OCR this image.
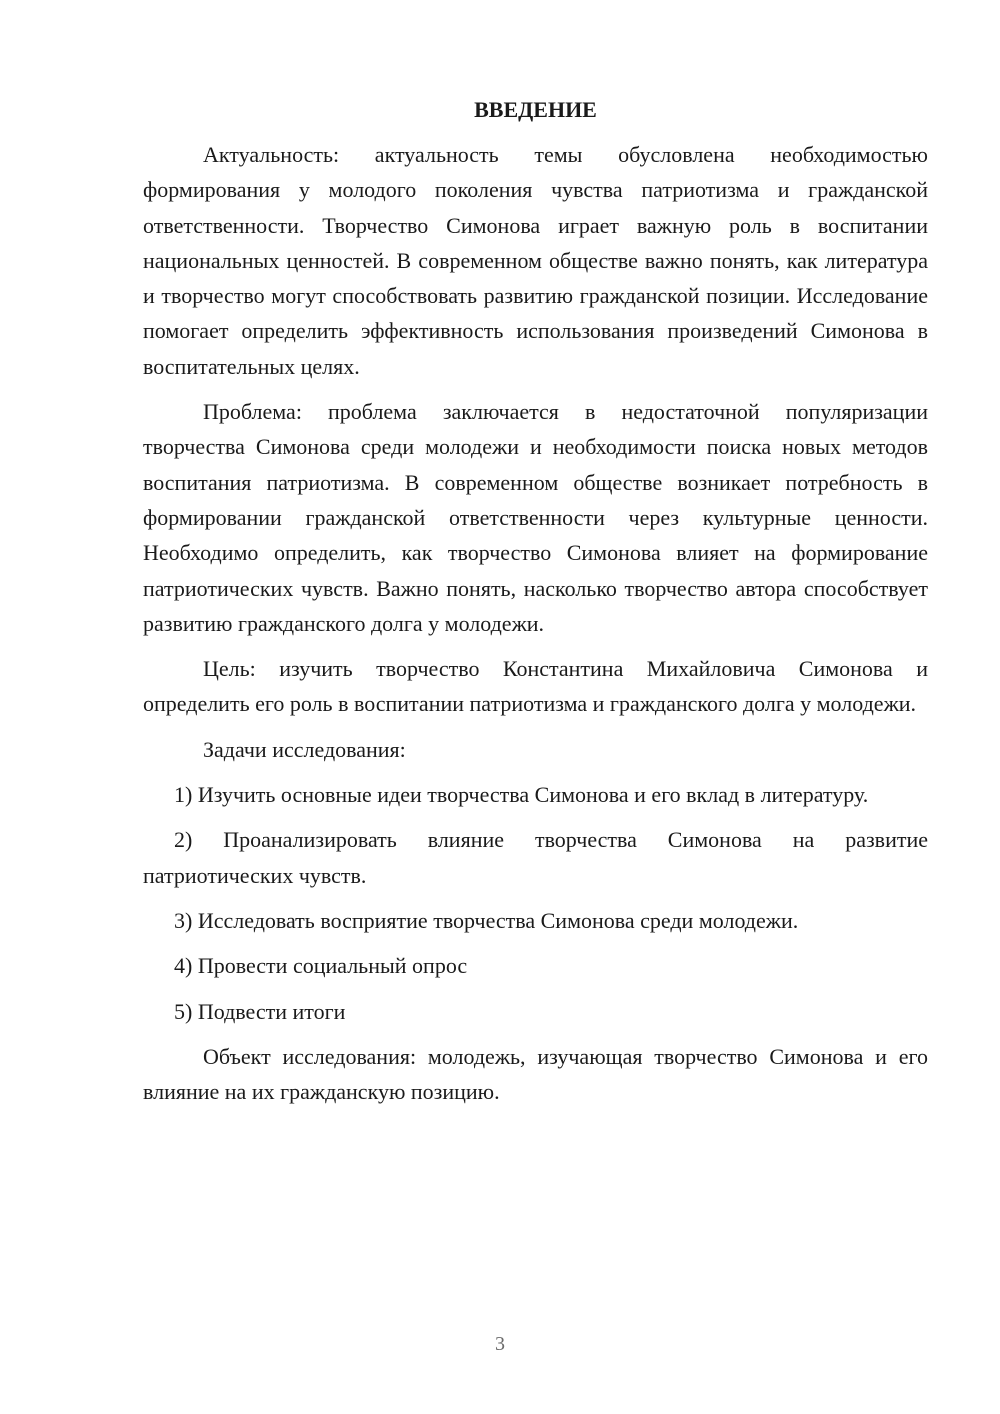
ВВЕДЕНИЕ

Актуальность: актуальность темы обусловлена необходимостью формирования у молодого поколения чувства патриотизма и гражданской ответственности. Творчество Симонова играет важную роль в воспитании национальных ценностей. В современном обществе важно понять, как литература и творчество могут способствовать развитию гражданской позиции. Исследование помогает определить эффективность использования произведений Симонова в воспитательных целях.

Проблема: проблема заключается в недостаточной популяризации творчества Симонова среди молодежи и необходимости поиска новых методов воспитания патриотизма. В современном обществе возникает потребность в формировании гражданской ответственности через культурные ценности. Необходимо определить, как творчество Симонова влияет на формирование патриотических чувств. Важно понять, насколько творчество автора способствует развитию гражданского долга у молодежи.

Цель: изучить творчество Константина Михайловича Симонова и определить его роль в воспитании патриотизма и гражданского долга у молодежи.

Задачи исследования:

1) Изучить основные идеи творчества Симонова и его вклад в литературу.

2) Проанализировать влияние творчества Симонова на развитие патриотических чувств.

3) Исследовать восприятие творчества Симонова среди молодежи.

4) Провести социальный опрос

5) Подвести итоги

Объект исследования: молодежь, изучающая творчество Симонова и его влияние на их гражданскую позицию.

3
